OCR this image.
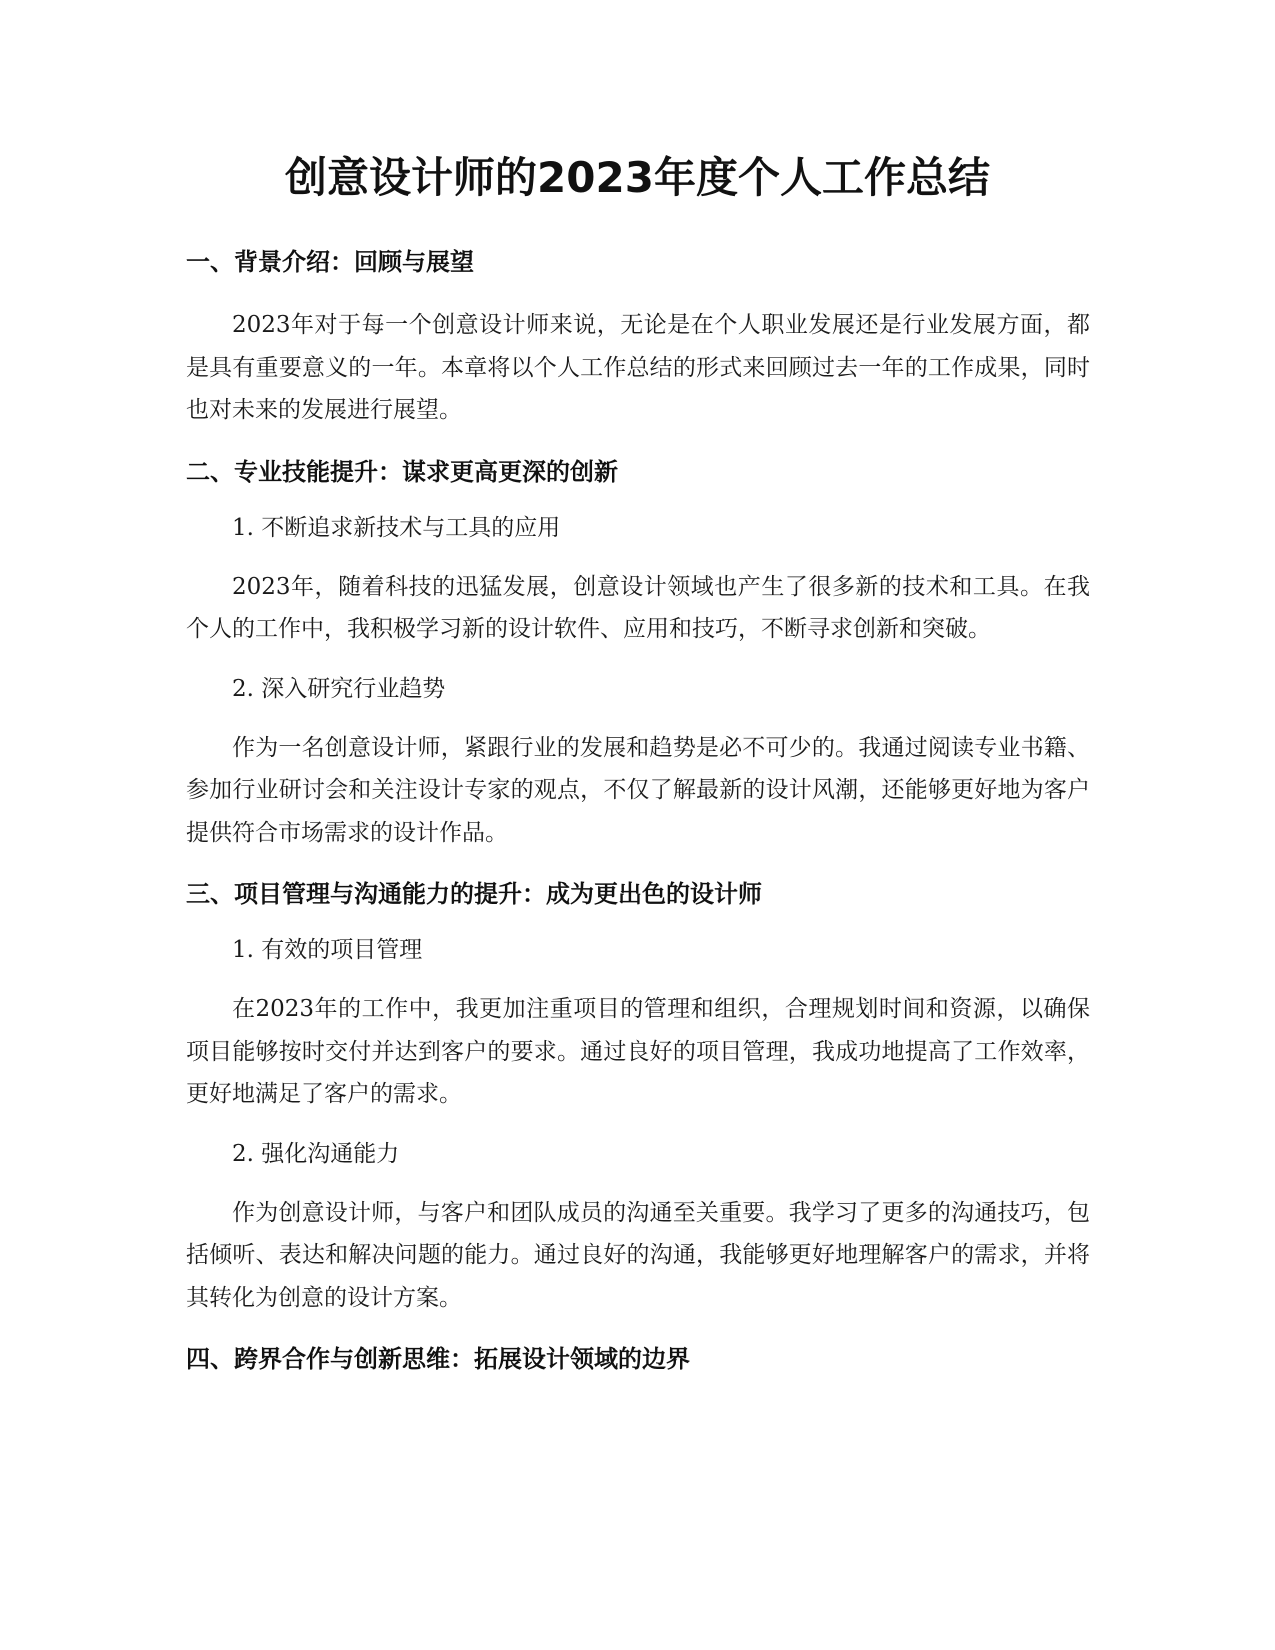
创意设计师的2023年度个人工作总结
一、背景介绍：回顾与展望

2023年对于每一个创意设计师来说，无论是在个人职业发展还是行业发展方面，都是具有重要意义的一年。本章将以个人工作总结的形式来回顾过去一年的工作成果，同时也对未来的发展进行展望。

二、专业技能提升：谋求更高更深的创新

1. 不断追求新技术与工具的应用

2023年，随着科技的迅猛发展，创意设计领域也产生了很多新的技术和工具。在我个人的工作中，我积极学习新的设计软件、应用和技巧，不断寻求创新和突破。

2. 深入研究行业趋势

作为一名创意设计师，紧跟行业的发展和趋势是必不可少的。我通过阅读专业书籍、参加行业研讨会和关注设计专家的观点，不仅了解最新的设计风潮，还能够更好地为客户提供符合市场需求的设计作品。

三、项目管理与沟通能力的提升：成为更出色的设计师

1. 有效的项目管理

在2023年的工作中，我更加注重项目的管理和组织，合理规划时间和资源，以确保项目能够按时交付并达到客户的要求。通过良好的项目管理，我成功地提高了工作效率，更好地满足了客户的需求。

2. 强化沟通能力

作为创意设计师，与客户和团队成员的沟通至关重要。我学习了更多的沟通技巧，包括倾听、表达和解决问题的能力。通过良好的沟通，我能够更好地理解客户的需求，并将其转化为创意的设计方案。

四、跨界合作与创新思维：拓展设计领域的边界
